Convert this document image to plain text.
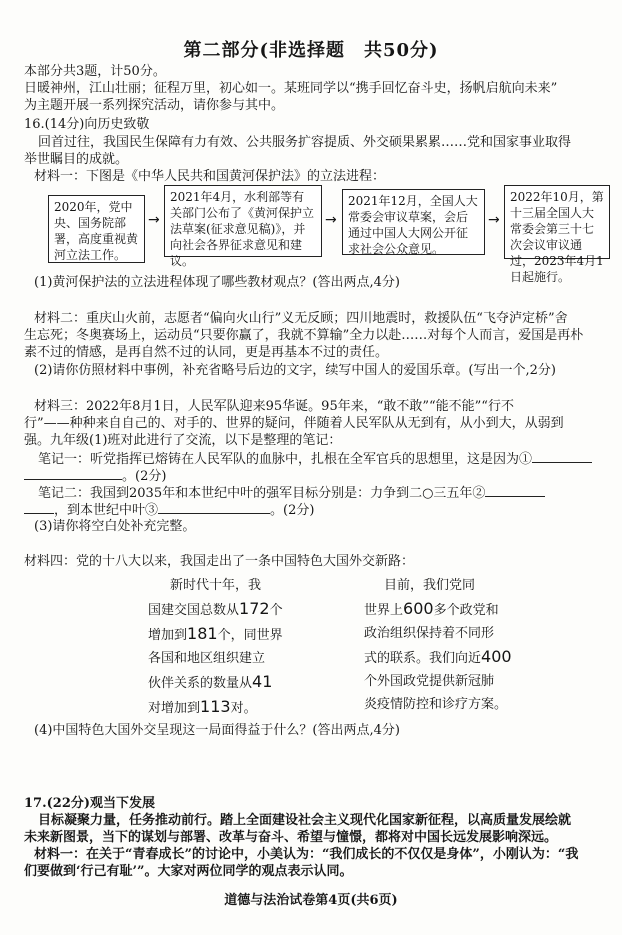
第二部分(非选择题　共50分)
本部分共3题，计50分。
日暖神州，江山壮丽；征程万里，初心如一。某班同学以“携手回忆奋斗史，扬帆启航向未来”
为主题开展一系列探究活动，请你参与其中。
16.(14分)向历史致敬
回首过往，我国民生保障有力有效、公共服务扩容提质、外交硕果累累……党和国家事业取得
举世瞩目的成就。
材料一：下图是《中华人民共和国黄河保护法》的立法进程：
2020年，党中央、国务院部署，高度重视黄河立法工作。
→
2021年4月，水利部等有关部门公布了《黄河保护立法草案(征求意见稿)》，并向社会各界征求意见和建议。
→
2021年12月，全国人大常委会审议草案，会后通过中国人大网公开征求社会公众意见。
→
2022年10月，第十三届全国人大常委会第三十七次会议审议通过，2023年4月1日起施行。
(1)黄河保护法的立法进程体现了哪些教材观点？(答出两点,4分)
材料二：重庆山火前，志愿者“偏向火山行”义无反顾；四川地震时，救援队伍“飞夺泸定桥”舍
生忘死；冬奥赛场上，运动员“只要你赢了，我就不算输”全力以赴……对每个人而言，爱国是再朴
素不过的情感，是再自然不过的认同，更是再基本不过的责任。
(2)请你仿照材料中事例，补充省略号后边的文字，续写中国人的爱国乐章。(写出一个,2分)
材料三：2022年8月1日，人民军队迎来95华诞。95年来，“敢不敢”“能不能”“行不
行”——种种来自自己的、对手的、世界的疑问，伴随着人民军队从无到有，从小到大，从弱到
强。九年级(1)班对此进行了交流，以下是整理的笔记：
笔记一：听党指挥已熔铸在人民军队的血脉中，扎根在全军官兵的思想里，这是因为①
。(2分)
笔记二：我国到2035年和本世纪中叶的强军目标分别是：力争到二○三五年②
，到本世纪中叶③	。(2分)
(3)请你将空白处补充完整。
材料四：党的十八大以来，我国走出了一条中国特色大国外交新路：
新时代十年，我
国建交国总数从172个
增加到181个，同世界
各国和地区组织建立
伙伴关系的数量从41
对增加到113对。
目前，我们党同
世界上600多个政党和
政治组织保持着不同形
式的联系。我们向近400
个外国政党提供新冠肺
炎疫情防控和诊疗方案。
(4)中国特色大国外交呈现这一局面得益于什么？(答出两点,4分)
17.(22分)观当下发展
目标凝聚力量，任务推动前行。踏上全面建设社会主义现代化国家新征程，以高质量发展绘就
未来新图景，当下的谋划与部署、改革与奋斗、希望与憧憬，都将对中国长远发展影响深远。
材料一：在关于“青春成长”的讨论中，小美认为：“我们成长的不仅仅是身体”，小刚认为：“我
们要做到‘行己有耻’”。大家对两位同学的观点表示认同。
道德与法治试卷第4页(共6页)
